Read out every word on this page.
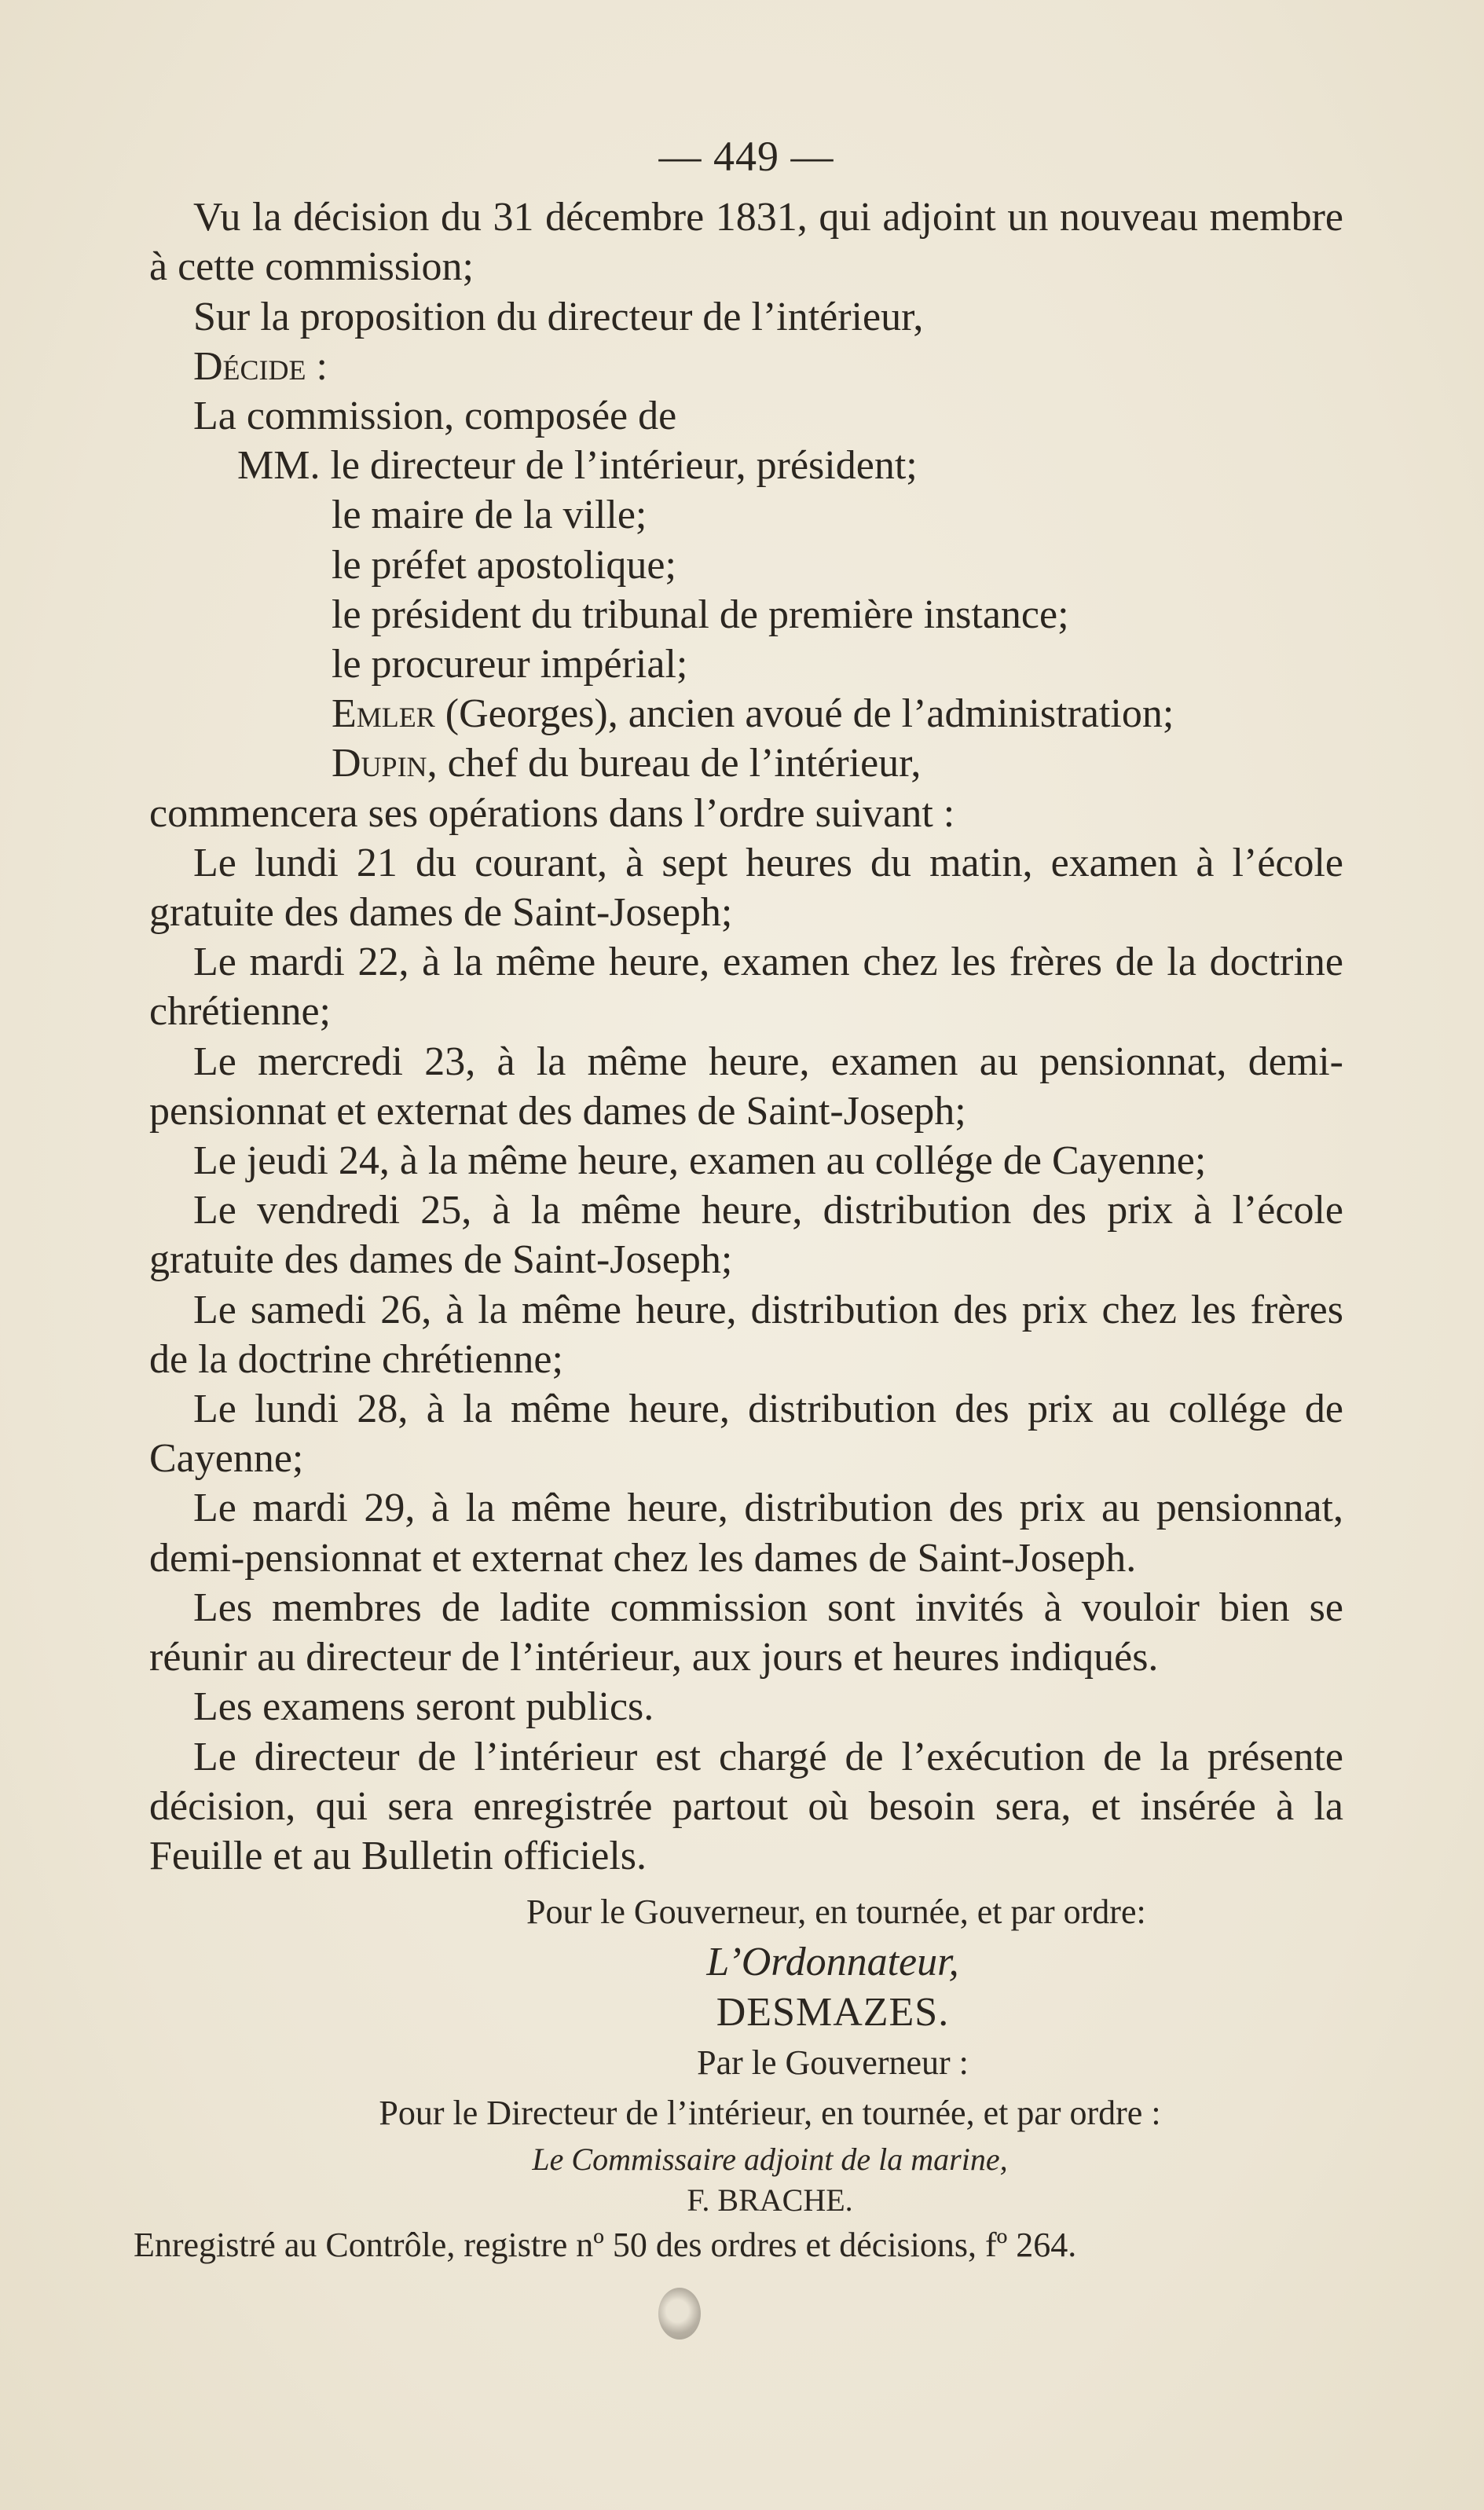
— 449 —

Vu la décision du 31 décembre 1831, qui adjoint un nouveau membre à cette commission;

Sur la proposition du directeur de l’intérieur,

Décide :

La commission, composée de

MM. le directeur de l’intérieur, président;

le maire de la ville;

le préfet apostolique;

le président du tribunal de première instance;

le procureur impérial;

Emler (Georges), ancien avoué de l’administration;

Dupin, chef du bureau de l’intérieur,

commencera ses opérations dans l’ordre suivant :

Le lundi 21 du courant, à sept heures du matin, examen à l’école gratuite des dames de Saint-Joseph;

Le mardi 22, à la même heure, examen chez les frères de la doctrine chrétienne;

Le mercredi 23, à la même heure, examen au pensionnat, demi-pensionnat et externat des dames de Saint-Joseph;

Le jeudi 24, à la même heure, examen au collége de Cayenne;

Le vendredi 25, à la même heure, distribution des prix à l’école gratuite des dames de Saint-Joseph;

Le samedi 26, à la même heure, distribution des prix chez les frères de la doctrine chrétienne;

Le lundi 28, à la même heure, distribution des prix au collége de Cayenne;

Le mardi 29, à la même heure, distribution des prix au pensionnat, demi-pensionnat et externat chez les dames de Saint-Joseph.

Les membres de ladite commission sont invités à vouloir bien se réunir au directeur de l’intérieur, aux jours et heures indiqués.

Les examens seront publics.

Le directeur de l’intérieur est chargé de l’exécution de la présente décision, qui sera enregistrée partout où besoin sera, et insérée à la Feuille et au Bulletin officiels.

Pour le Gouverneur, en tournée, et par ordre:

L’Ordonnateur,

DESMAZES.

Par le Gouverneur :

Pour le Directeur de l’intérieur, en tournée, et par ordre :

Le Commissaire adjoint de la marine,

F. BRACHE.

Enregistré au Contrôle, registre nº 50 des ordres et décisions, fº 264.
